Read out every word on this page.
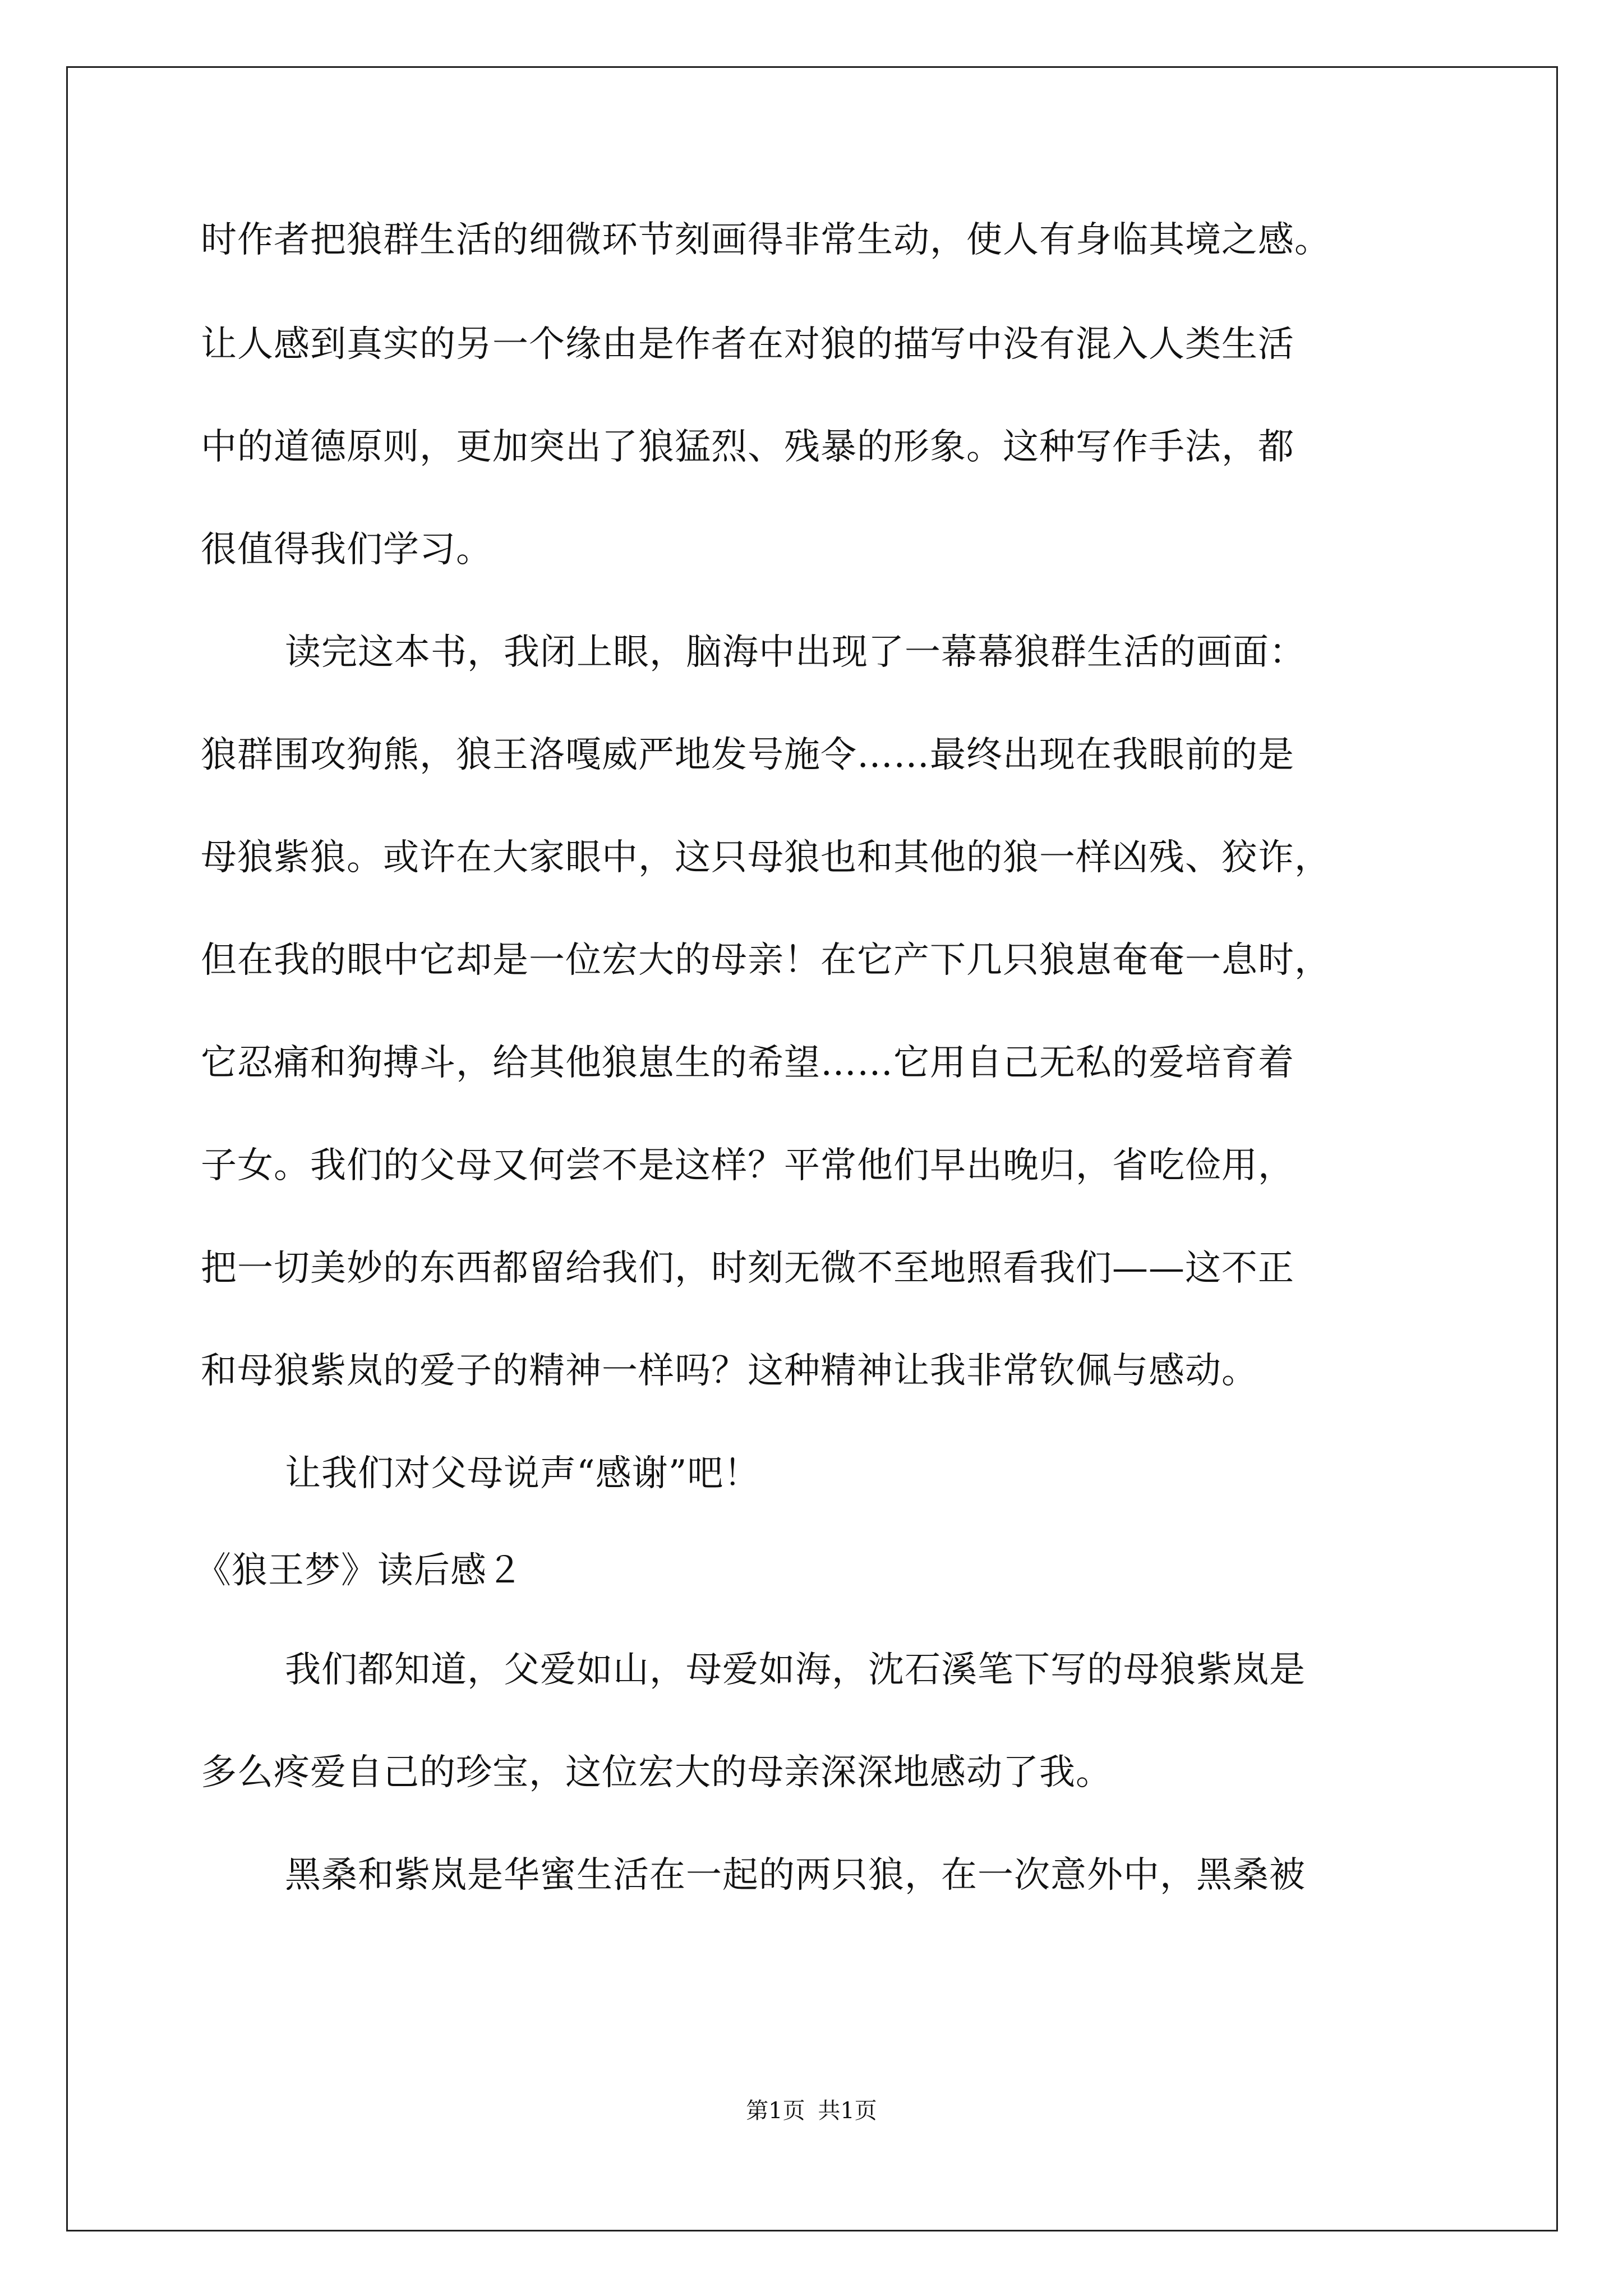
时作者把狼群生活的细微环节刻画得非常生动，使人有身临其境之感。
让人感到真实的另一个缘由是作者在对狼的描写中没有混入人类生活
中的道德原则，更加突出了狼猛烈、残暴的形象。这种写作手法，都
很值得我们学习。
读完这本书，我闭上眼，脑海中出现了一幕幕狼群生活的画面：
狼群围攻狗熊，狼王洛嘎威严地发号施令……最终出现在我眼前的是
母狼紫狼。或许在大家眼中，这只母狼也和其他的狼一样凶残、狡诈，
但在我的眼中它却是一位宏大的母亲！在它产下几只狼崽奄奄一息时，
它忍痛和狗搏斗，给其他狼崽生的希望……它用自己无私的爱培育着
子女。我们的父母又何尝不是这样？平常他们早出晚归，省吃俭用，
把一切美妙的东西都留给我们，时刻无微不至地照看我们——这不正
和母狼紫岚的爱子的精神一样吗？这种精神让我非常钦佩与感动。
让我们对父母说声“感谢”吧！
《狼王梦》读后感２
我们都知道，父爱如山，母爱如海，沈石溪笔下写的母狼紫岚是
多么疼爱自己的珍宝，这位宏大的母亲深深地感动了我。
黑桑和紫岚是华蜜生活在一起的两只狼，在一次意外中，黑桑被
第1页 共1页
